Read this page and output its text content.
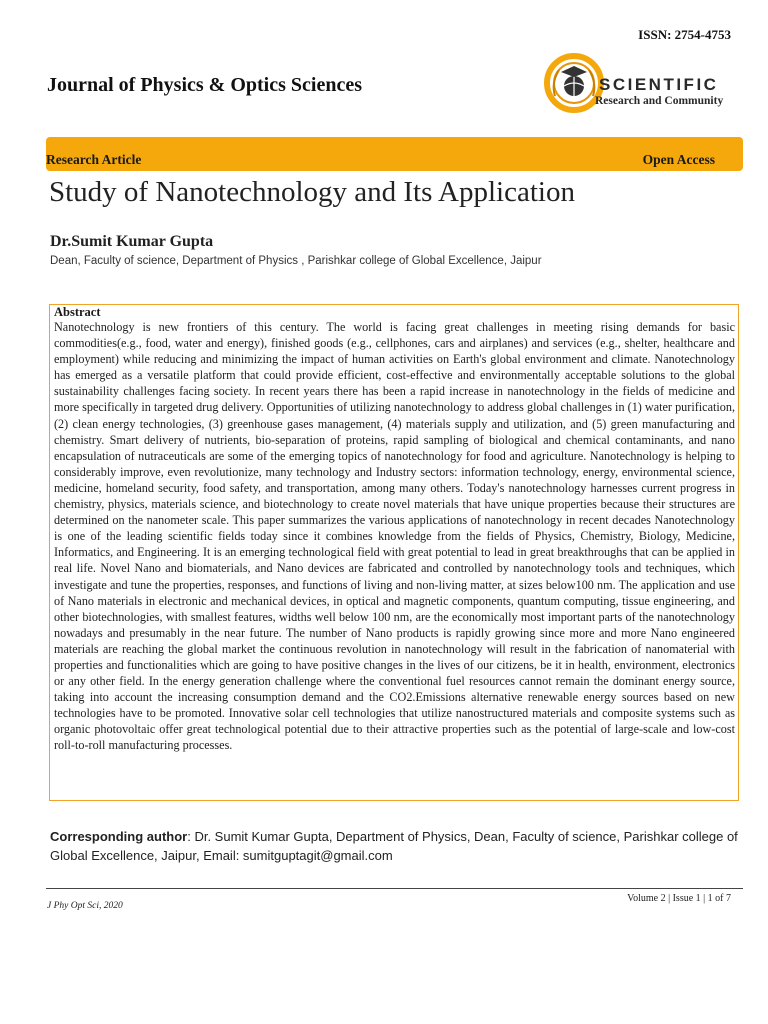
ISSN: 2754-4753
Journal of Physics & Optics Sciences	SCIENTIFIC
Research and Community
Research Article	Open Access
Study of Nanotechnology and Its Application
Dr.Sumit Kumar Gupta
Dean, Faculty of science, Department of Physics , Parishkar college of Global Excellence, Jaipur
Abstract

Nanotechnology is new frontiers of this century. The world is facing great challenges in meeting rising demands for basic commodities(e.g., food, water and energy), finished goods (e.g., cellphones, cars and airplanes) and services (e.g., shelter, healthcare and employment) while reducing and minimizing the impact of human activities on Earth's global environment and climate. Nanotechnology has emerged as a versatile platform that could provide efficient, cost-effective and environmentally acceptable solutions to the global sustainability challenges facing society. In recent years there has been a rapid increase in nanotechnology in the fields of medicine and more specifically in targeted drug delivery. Opportunities of utilizing nanotechnology to address global challenges in (1) water purification, (2) clean energy technologies, (3) greenhouse gases management, (4) materials supply and utilization, and (5) green manufacturing and chemistry. Smart delivery of nutrients, bio-separation of proteins, rapid sampling of biological and chemical contaminants, and nano encapsulation of nutraceuticals are some of the emerging topics of nanotechnology for food and agriculture. Nanotechnology is helping to considerably improve, even revolutionize, many technology and Industry sectors: information technology, energy, environmental science, medicine, homeland security, food safety, and transportation, among many others. Today's nanotechnology harnesses current progress in chemistry, physics, materials science, and biotechnology to create novel materials that have unique properties because their structures are determined on the nanometer scale. This paper summarizes the various applications of nanotechnology in recent decades Nanotechnology is one of the leading scientific fields today since it combines knowledge from the fields of Physics, Chemistry, Biology, Medicine, Informatics, and Engineering. It is an emerging technological field with great potential to lead in great breakthroughs that can be applied in real life. Novel Nano and biomaterials, and Nano devices are fabricated and controlled by nanotechnology tools and techniques, which investigate and tune the properties, responses, and functions of living and non-living matter, at sizes below100 nm. The application and use of Nano materials in electronic and mechanical devices, in optical and magnetic components, quantum computing, tissue engineering, and other biotechnologies, with smallest features, widths well below 100 nm, are the economically most important parts of the nanotechnology nowadays and presumably in the near future. The number of Nano products is rapidly growing since more and more Nano engineered materials are reaching the global market the continuous revolution in nanotechnology will result in the fabrication of nanomaterial with properties and functionalities which are going to have positive changes in the lives of our citizens, be it in health, environment, electronics or any other field. In the energy generation challenge where the conventional fuel resources cannot remain the dominant energy source, taking into account the increasing consumption demand and the CO2.Emissions alternative renewable energy sources based on new technologies have to be promoted. Innovative solar cell technologies that utilize nanostructured materials and composite systems such as organic photovoltaic offer great technological potential due to their attractive properties such as the potential of large-scale and low-cost roll-to-roll manufacturing processes.

Corresponding author: Dr. Sumit Kumar Gupta, Department of Physics, Dean, Faculty of science, Parishkar college of Global Excellence, Jaipur, Email: sumitguptagit@gmail.com

J Phy Opt Sci, 2020
Volume 2 | Issue 1 | 1 of 7
